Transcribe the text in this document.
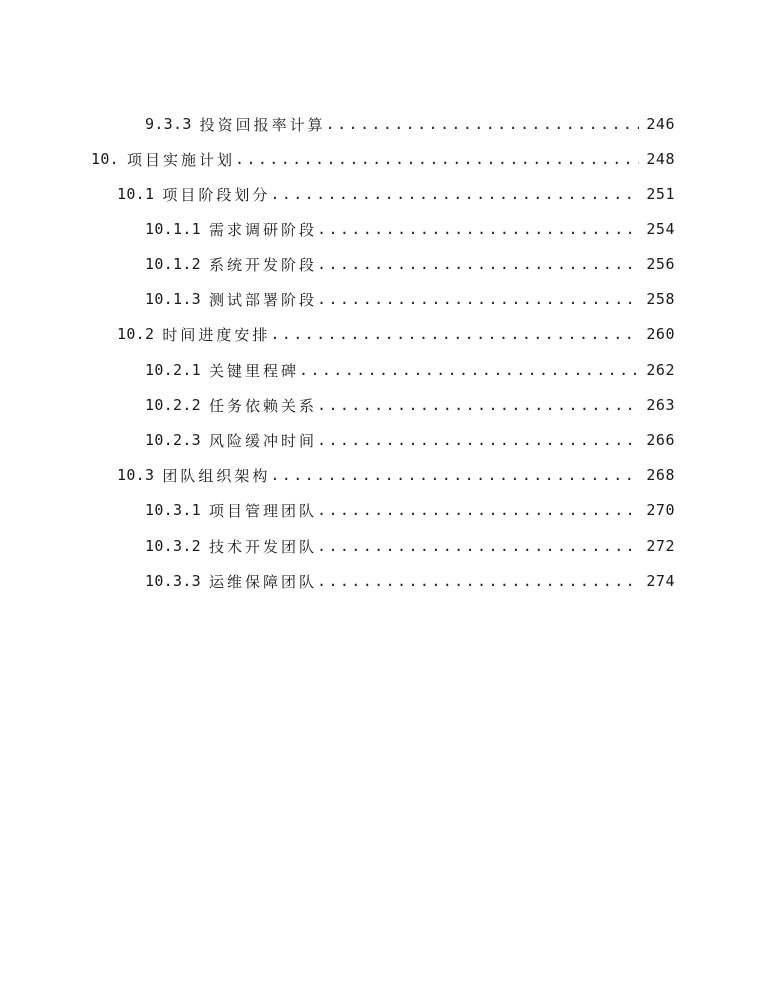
9.3.3 投资回报率计算 .....	246
10. 项目实施计划 .....	248
10.1 项目阶段划分 .....	251
10.1.1 需求调研阶段 .....	254
10.1.2 系统开发阶段 .....	256
10.1.3 测试部署阶段 .....	258
10.2 时间进度安排 .....	260
10.2.1 关键里程碑 .....	262
10.2.2 任务依赖关系 .....	263
10.2.3 风险缓冲时间 .....	266
10.3 团队组织架构 .....	268
10.3.1 项目管理团队 .....	270
10.3.2 技术开发团队 .....	272
10.3.3 运维保障团队 .....	274
